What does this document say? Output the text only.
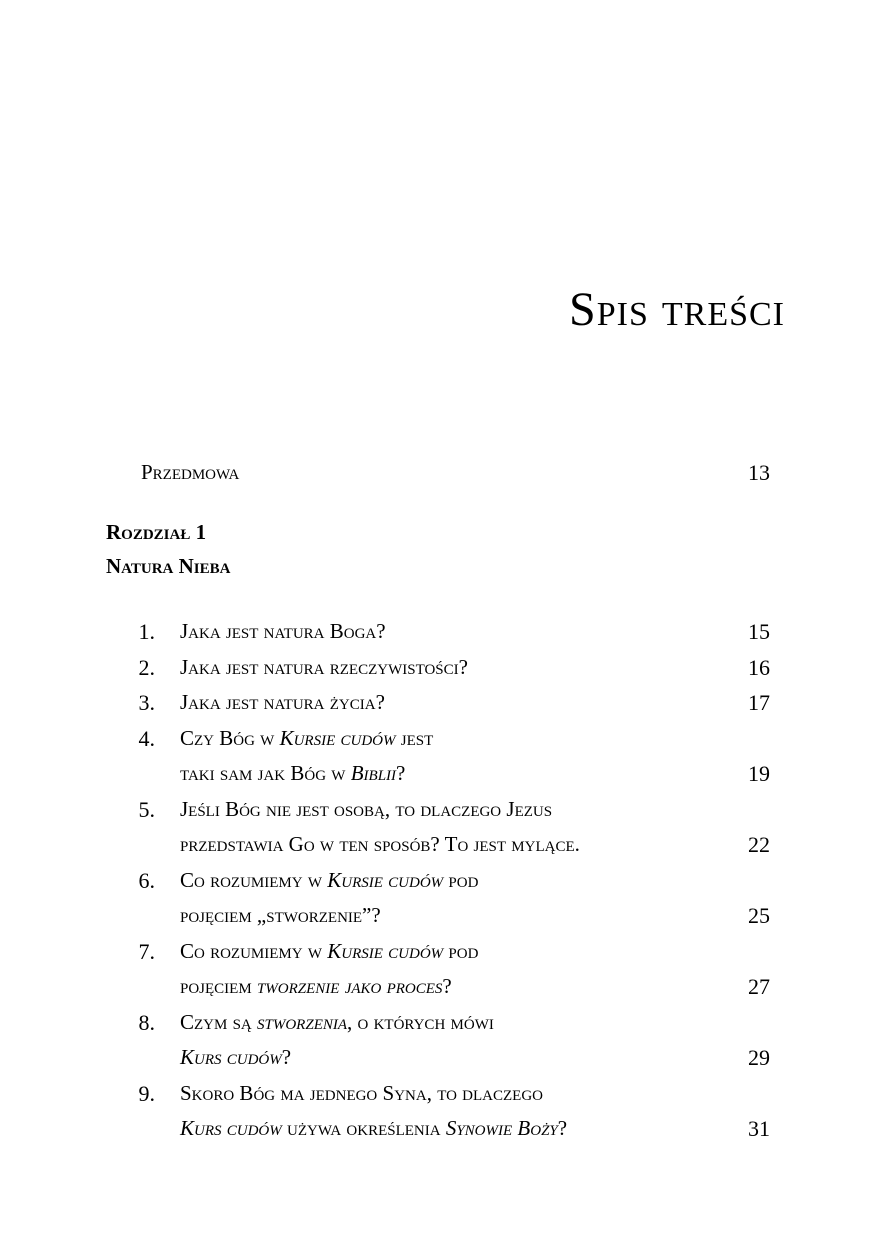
Spis treści
Przedmowa	13
Rozdział 1
Natura Nieba
1. Jaka jest natura Boga?	15
2. Jaka jest natura rzeczywistości?	16
3. Jaka jest natura życia?	17
4. Czy Bóg w Kursie cudów jest
taki sam jak Bóg w Biblii?	19
5. Jeśli Bóg nie jest osobą, to dlaczego Jezus
przedstawia Go w ten sposób? To jest mylące.	22
6. Co rozumiemy w Kursie cudów pod
pojęciem „stworzenie”?	25
7. Co rozumiemy w Kursie cudów pod
pojęciem tworzenie jako proces?	27
8. Czym są stworzenia, o których mówi
Kurs cudów?	29
9. Skoro Bóg ma jednego Syna, to dlaczego
Kurs cudów używa określenia Synowie Boży?	31
